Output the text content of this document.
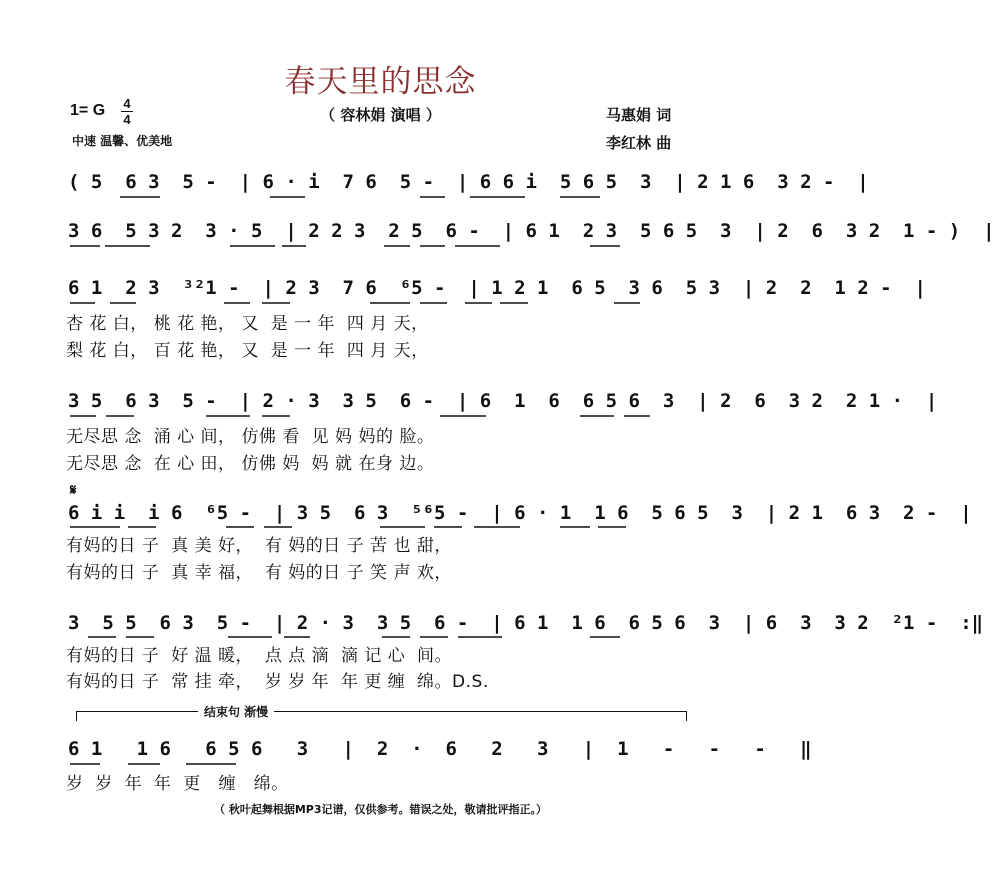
春天里的思念
1= G 4
4	（ 容林娟 演唱 ）
中速 温馨、优美地
马惠娟 词
李红林 曲
( 5  6 3  5 -  | 6 · i  7 6  5 -  | 6 6 i  5 6 5  3  | 2 1 6  3 2 -  |
3 6  5 3 2  3 · 5  | 2 2 3  2 5  6 -  | 6 1  2 3  5 6 5  3  | 2  6  3 2  1 - )  |
6 1  2 3  ³²1 -  | 2 3  7 6  ⁶5 -  | 1 2 1  6 5  3 6  5 3  | 2  2  1 2 -  |
杏 花 白， 桃 花 艳， 又  是 一 年  四 月 天，
梨 花 白， 百 花 艳， 又  是 一 年  四 月 天，
3 5  6 3  5 -  | 2 · 3  3 5  6 -  | 6  1  6  6 5 6  3  | 2  6  3 2  2 1 ·  |
无尽思 念  涌 心 间， 仿佛 看  见 妈 妈的 脸。
无尽思 念  在 心 田， 仿佛 妈  妈 就 在身 边。
𝄋
6 i i  i 6  ⁶5 -  | 3 5  6 3  ⁵⁶5 -  | 6 · 1  1 6  5 6 5  3  | 2 1  6 3  2 -  |
有妈的日 子  真 美 好，  有 妈的日 子 苦 也 甜，
有妈的日 子  真 幸 福，  有 妈的日 子 笑 声 欢，
3  5 5  6 3  5 -  | 2 · 3  3 5  6 -  | 6 1  1 6  6 5 6  3  | 6  3  3 2  ²1 -  :‖
有妈的日 子  好 温 暖，  点 点 滴  滴 记 心  间。
有妈的日 子  常 挂 牵，  岁 岁 年  年 更 缠  绵。D.S.
结束句 渐慢
6 1   1 6   6 5 6   3   |  2  ·  6   2   3   |  1   -   -   -   ‖
岁  岁  年  年  更   缠   绵。
（ 秋叶起舞根据MP3记谱，仅供参考。错误之处，敬请批评指正。）
